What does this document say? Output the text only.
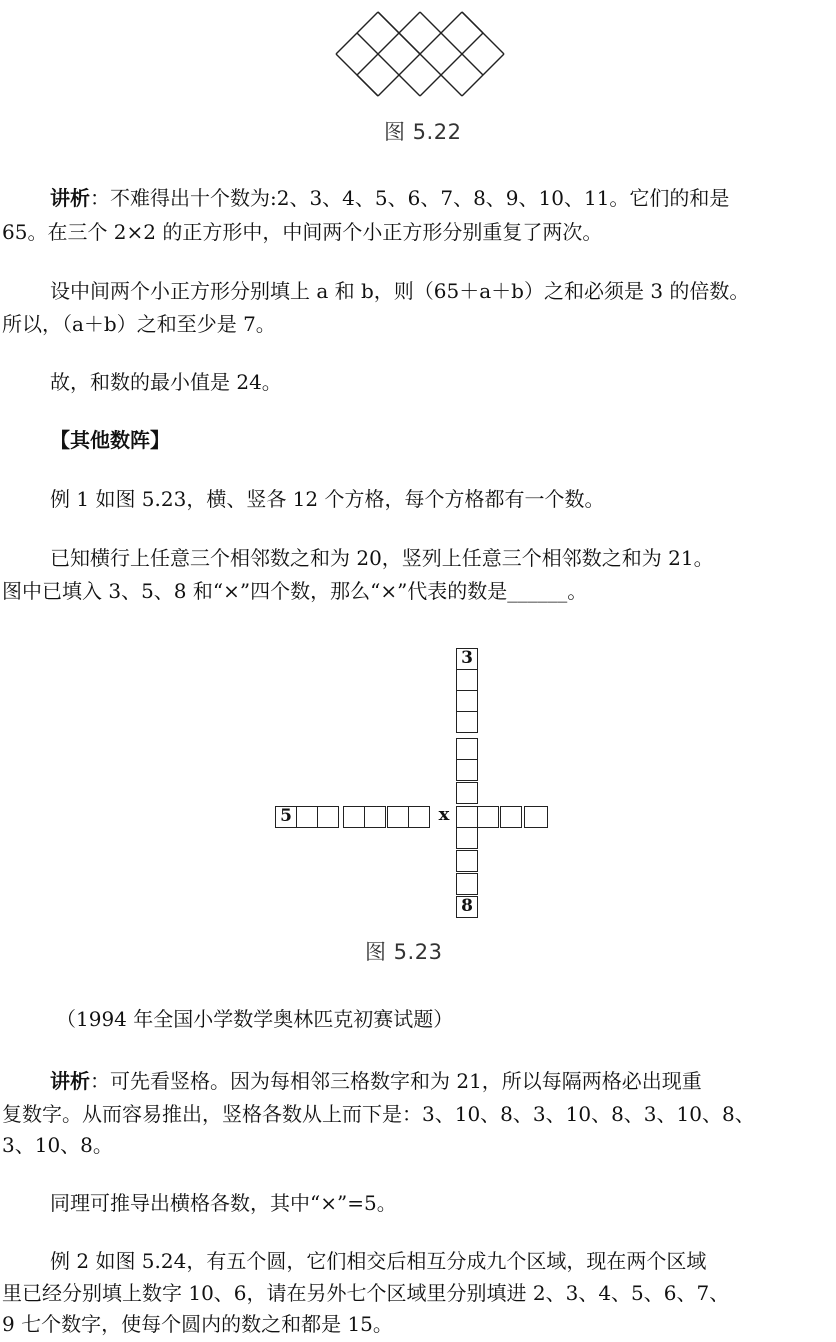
图 5.22
讲析：不难得出十个数为:2、3、4、5、6、7、8、9、10、11。它们的和是
65。在三个 2×2 的正方形中，中间两个小正方形分别重复了两次。
设中间两个小正方形分别填上 a 和 b，则（65＋a＋b）之和必须是 3 的倍数。
所以，（a＋b）之和至少是 7。
故，和数的最小值是 24。
【其他数阵】
例 1 如图 5.23，横、竖各 12 个方格，每个方格都有一个数。
已知横行上任意三个相邻数之和为 20，竖列上任意三个相邻数之和为 21。
图中已填入 3、5、8 和“×”四个数，那么“×”代表的数是______。
3
5	x
8
图 5.23
（1994 年全国小学数学奥林匹克初赛试题）
讲析：可先看竖格。因为每相邻三格数字和为 21，所以每隔两格必出现重
复数字。从而容易推出，竖格各数从上而下是：3、10、8、3、10、8、3、10、8、
3、10、8。
同理可推导出横格各数，其中“×”=5。
例 2 如图 5.24，有五个圆，它们相交后相互分成九个区域，现在两个区域
里已经分别填上数字 10、6，请在另外七个区域里分别填进 2、3、4、5、6、7、
9 七个数字，使每个圆内的数之和都是 15。
